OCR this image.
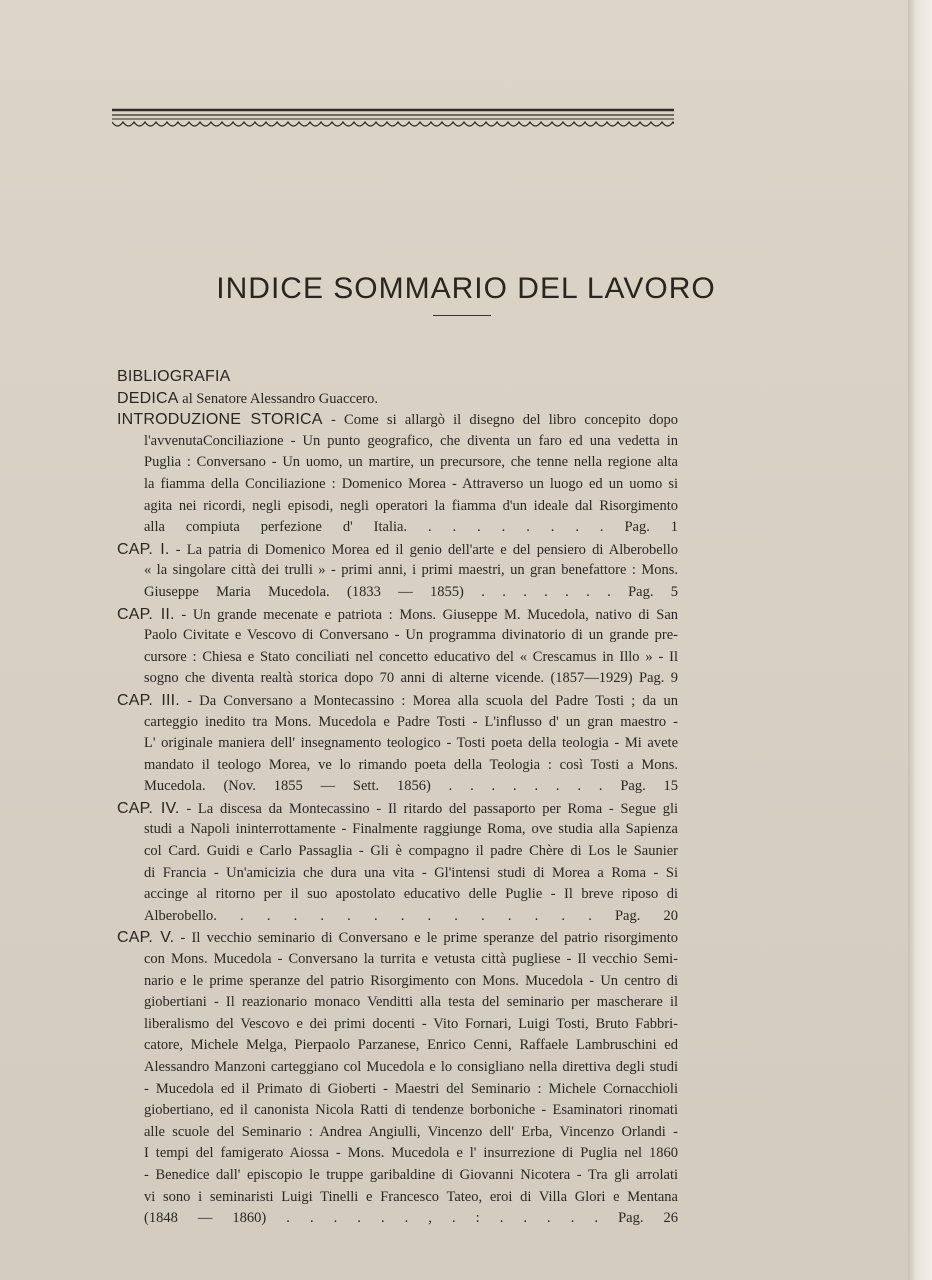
INDICE SOMMARIO DEL LAVORO
BIBLIOGRAFIA
DEDICA al Senatore Alessandro Guaccero.
INTRODUZIONE STORICA - Come si allargò il disegno del libro concepito dopo
l'avvenutaConciliazione - Un punto geografico, che diventa un faro ed una vedetta in
Puglia : Conversano - Un uomo, un martire, un precursore, che tenne nella regione alta
la fiamma della Conciliazione : Domenico Morea - Attraverso un luogo ed un uomo si
agita nei ricordi, negli episodi, negli operatori la fiamma d'un ideale dal Risorgimento
alla compiuta perfezione d' Italia. . . . . . . . . Pag. 1
CAP. I. - La patria di Domenico Morea ed il genio dell'arte e del pensiero di Alberobello
« la singolare città dei trulli » - primi anni, i primi maestri, un gran benefattore : Mons.
Giuseppe Maria Mucedola. (1833 — 1855) . . . . . . . Pag. 5
CAP. II. - Un grande mecenate e patriota : Mons. Giuseppe M. Mucedola, nativo di San
Paolo Civitate e Vescovo di Conversano - Un programma divinatorio di un grande pre-
cursore : Chiesa e Stato conciliati nel concetto educativo del « Crescamus in Illo » - Il
sogno che diventa realtà storica dopo 70 anni di alterne vicende. (1857—1929) Pag. 9
CAP. III. - Da Conversano a Montecassino : Morea alla scuola del Padre Tosti ; da un
carteggio inedito tra Mons. Mucedola e Padre Tosti - L'influsso d' un gran maestro -
L' originale maniera dell' insegnamento teologico - Tosti poeta della teologia - Mi avete
mandato il teologo Morea, ve lo rimando poeta della Teologia : così Tosti a Mons.
Mucedola. (Nov. 1855 — Sett. 1856) . . . . . . . . Pag. 15
CAP. IV. - La discesa da Montecassino - Il ritardo del passaporto per Roma - Segue gli
studi a Napoli ininterrottamente - Finalmente raggiunge Roma, ove studia alla Sapienza
col Card. Guidi e Carlo Passaglia - Gli è compagno il padre Chère di Los le Saunier
di Francia - Un'amicizia che dura una vita - Gl'intensi studi di Morea a Roma - Si
accinge al ritorno per il suo apostolato educativo delle Puglie - Il breve riposo di
Alberobello. . . . . . . . . . . . . . . Pag. 20
CAP. V. - Il vecchio seminario di Conversano e le prime speranze del patrio risorgimento
con Mons. Mucedola - Conversano la turrita e vetusta città pugliese - Il vecchio Semi-
nario e le prime speranze del patrio Risorgimento con Mons. Mucedola - Un centro di
giobertiani - Il reazionario monaco Venditti alla testa del seminario per mascherare il
liberalismo del Vescovo e dei primi docenti - Vito Fornari, Luigi Tosti, Bruto Fabbri-
catore, Michele Melga, Pierpaolo Parzanese, Enrico Cenni, Raffaele Lambruschini ed
Alessandro Manzoni carteggiano col Mucedola e lo consigliano nella direttiva degli studi
- Mucedola ed il Primato di Gioberti - Maestri del Seminario : Michele Cornacchioli
giobertiano, ed il canonista Nicola Ratti di tendenze borboniche - Esaminatori rinomati
alle scuole del Seminario : Andrea Angiulli, Vincenzo dell' Erba, Vincenzo Orlandi -
I tempi del famigerato Aiossa - Mons. Mucedola e l' insurrezione di Puglia nel 1860
- Benedice dall' episcopio le truppe garibaldine di Giovanni Nicotera - Tra gli arrolati
vi sono i seminaristi Luigi Tinelli e Francesco Tateo, eroi di Villa Glori e Mentana
(1848 — 1860) . . . . . . , . : . . . . . Pag. 26
